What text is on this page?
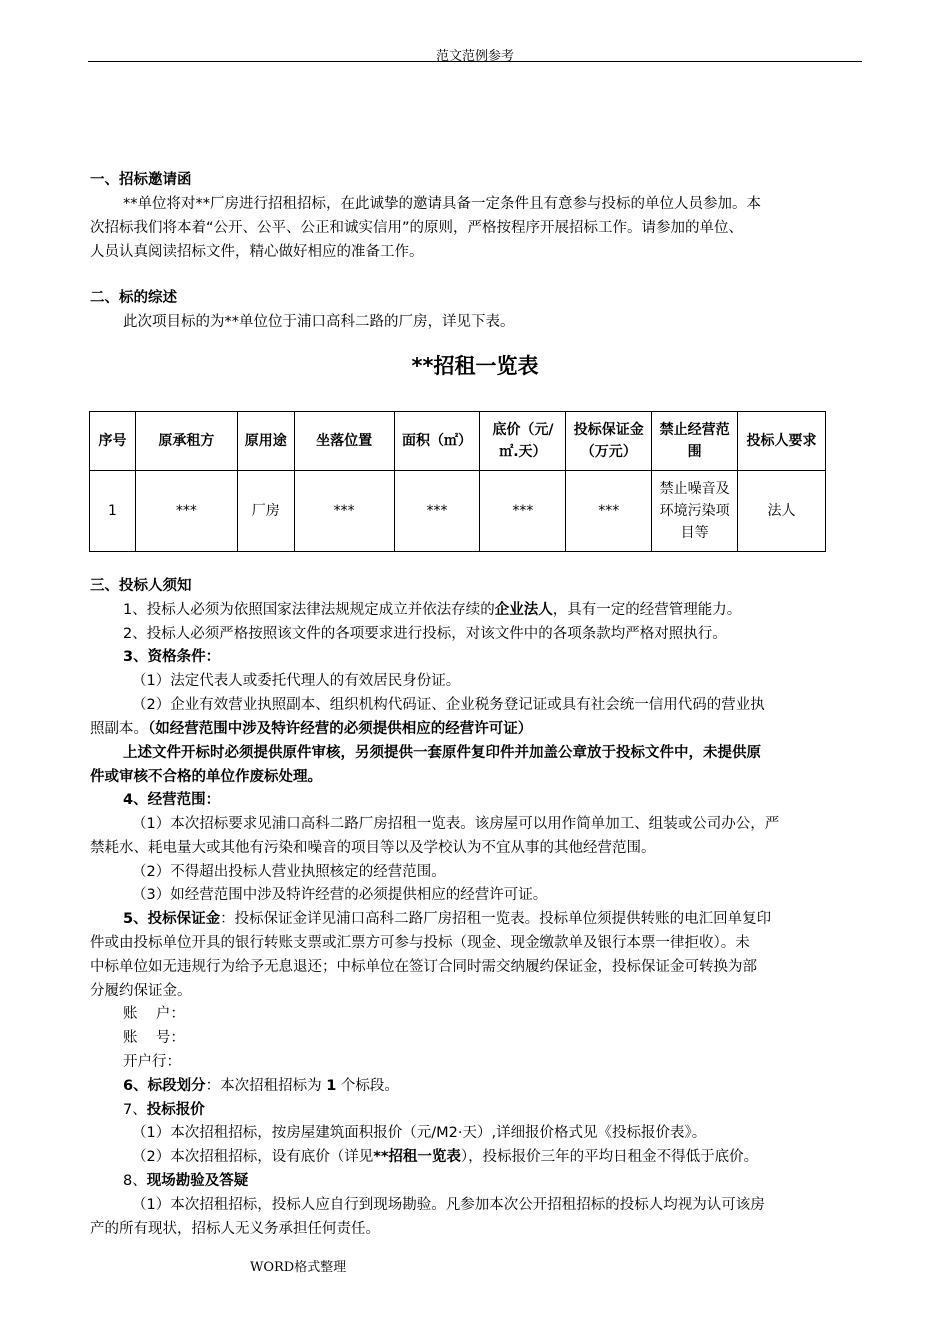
范文范例参考
一、招标邀请函
**单位将对**厂房进行招租招标，在此诚挚的邀请具备一定条件且有意参与投标的单位人员参加。本
次招标我们将本着“公开、公平、公正和诚实信用”的原则，严格按程序开展招标工作。请参加的单位、
人员认真阅读招标文件，精心做好相应的准备工作。
二、标的综述
此次项目标的为**单位位于浦口高科二路的厂房，详见下表。
**招租一览表
序号	原承租方	原用途	坐落位置	面积（㎡）	底价（元/㎡.天）	投标保证金（万元）	禁止经营范围	投标人要求
1	***	厂房	***	***	***	***	禁止噪音及环境污染项目等	法人
三、投标人须知
1、投标人必须为依照国家法律法规规定成立并依法存续的企业法人，具有一定的经营管理能力。
2、投标人必须严格按照该文件的各项要求进行投标，对该文件中的各项条款均严格对照执行。
3、资格条件：
（1）法定代表人或委托代理人的有效居民身份证。
（2）企业有效营业执照副本、组织机构代码证、企业税务登记证或具有社会统一信用代码的营业执
照副本。（如经营范围中涉及特许经营的必须提供相应的经营许可证）
上述文件开标时必须提供原件审核，另须提供一套原件复印件并加盖公章放于投标文件中，未提供原
件或审核不合格的单位作废标处理。
4、经营范围：
（1）本次招标要求见浦口高科二路厂房招租一览表。该房屋可以用作简单加工、组装或公司办公，严
禁耗水、耗电量大或其他有污染和噪音的项目等以及学校认为不宜从事的其他经营范围。
（2）不得超出投标人营业执照核定的经营范围。
（3）如经营范围中涉及特许经营的必须提供相应的经营许可证。
5、投标保证金：投标保证金详见浦口高科二路厂房招租一览表。投标单位须提供转账的电汇回单复印
件或由投标单位开具的银行转账支票或汇票方可参与投标（现金、现金缴款单及银行本票一律拒收）。未
中标单位如无违规行为给予无息退还；中标单位在签订合同时需交纳履约保证金，投标保证金可转换为部
分履约保证金。
账    户：
账    号：
开户行：
6、标段划分：本次招租招标为 1 个标段。
7、投标报价
（1）本次招租招标，按房屋建筑面积报价（元/M2·天）,详细报价格式见《投标报价表》。
（2）本次招租招标，设有底价（详见**招租一览表），投标报价三年的平均日租金不得低于底价。
8、现场勘验及答疑
（1）本次招租招标，投标人应自行到现场勘验。凡参加本次公开招租招标的投标人均视为认可该房
产的所有现状，招标人无义务承担任何责任。
WORD格式整理
